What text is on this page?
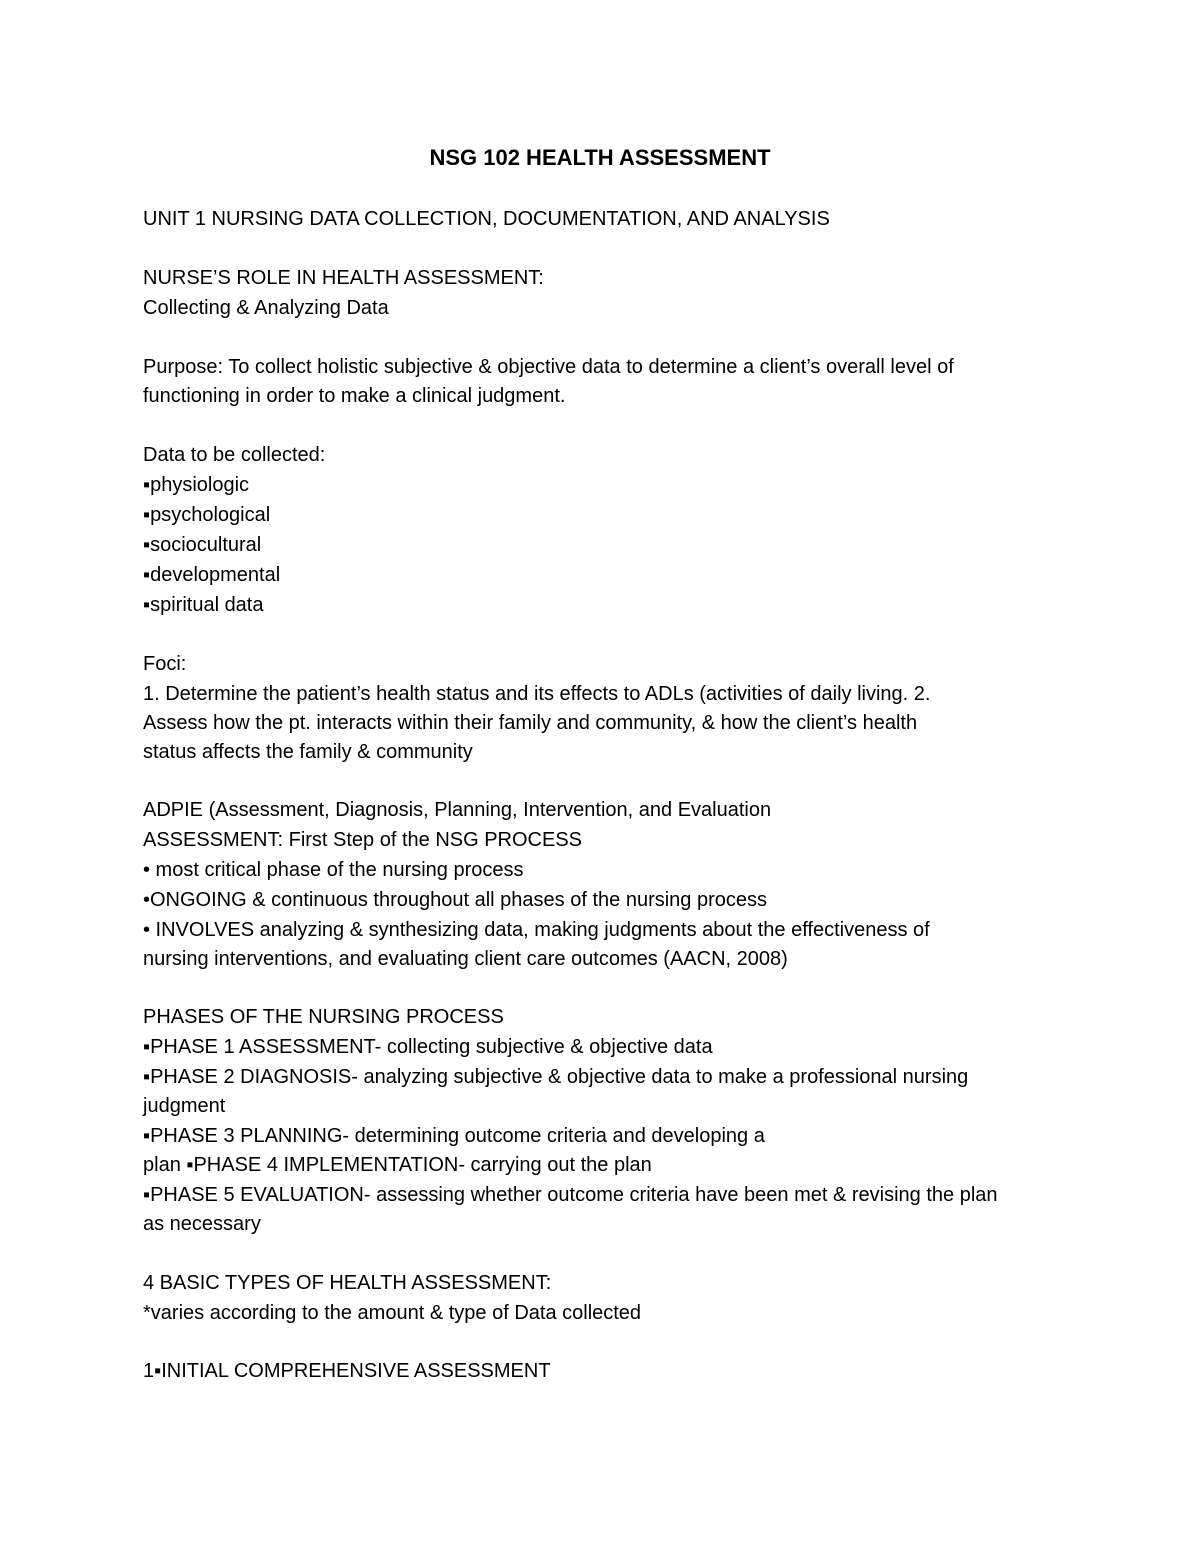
NSG 102 HEALTH ASSESSMENT

UNIT 1 NURSING DATA COLLECTION, DOCUMENTATION, AND ANALYSIS

NURSE’S ROLE IN HEALTH ASSESSMENT:

Collecting & Analyzing Data

Purpose: To collect holistic subjective & objective data to determine a client’s overall level of

functioning in order to make a clinical judgment.

Data to be collected:

▪physiologic

▪psychological

▪sociocultural

▪developmental

▪spiritual data

Foci:

1. Determine the patient’s health status and its effects to ADLs (activities of daily living. 2.

Assess how the pt. interacts within their family and community, & how the client’s health

status affects the family & community

ADPIE (Assessment, Diagnosis, Planning, Intervention, and Evaluation

ASSESSMENT: First Step of the NSG PROCESS

• most critical phase of the nursing process

•ONGOING & continuous throughout all phases of the nursing process

• INVOLVES analyzing & synthesizing data, making judgments about the effectiveness of

nursing interventions, and evaluating client care outcomes (AACN, 2008)

PHASES OF THE NURSING PROCESS

▪PHASE 1 ASSESSMENT- collecting subjective & objective data

▪PHASE 2 DIAGNOSIS- analyzing subjective & objective data to make a professional nursing

judgment

▪PHASE 3 PLANNING- determining outcome criteria and developing a

plan ▪PHASE 4 IMPLEMENTATION- carrying out the plan

▪PHASE 5 EVALUATION- assessing whether outcome criteria have been met & revising the plan

as necessary

4 BASIC TYPES OF HEALTH ASSESSMENT:

*varies according to the amount & type of Data collected

1▪INITIAL COMPREHENSIVE ASSESSMENT
